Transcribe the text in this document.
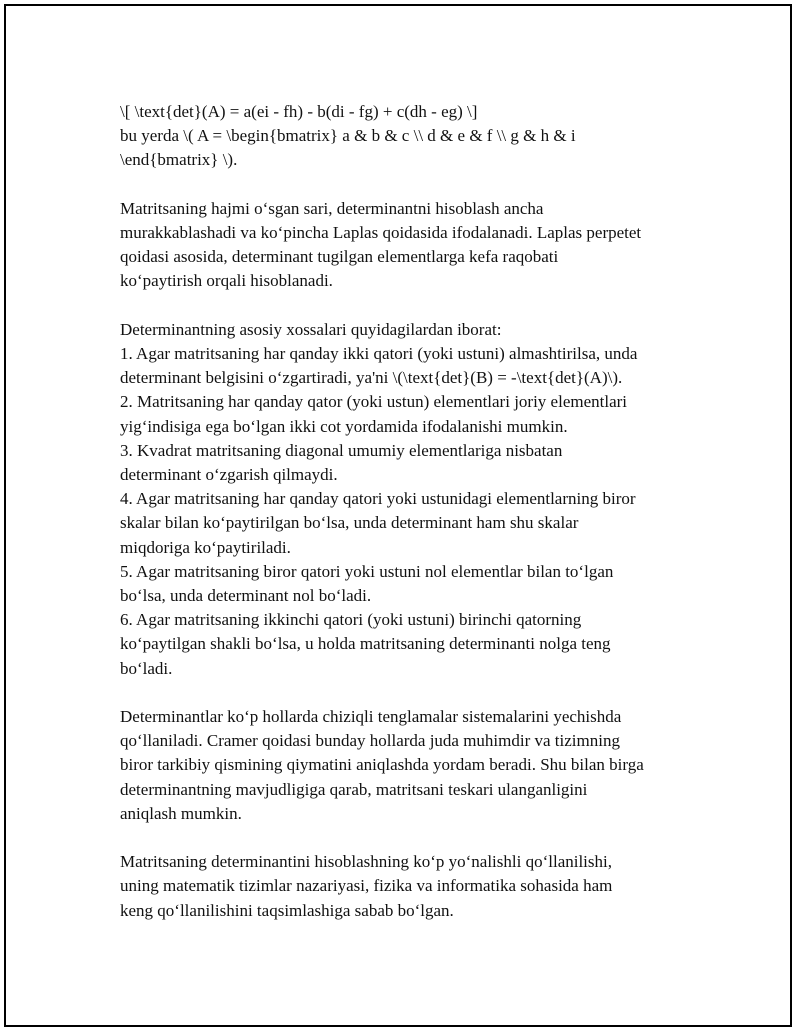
\[ \text{det}(A) = a(ei - fh) - b(di - fg) + c(dh - eg) \]
bu yerda \( A = \begin{bmatrix} a & b & c \\ d & e & f \\ g & h & i
\end{bmatrix} \).
Matritsaning hajmi o‘sgan sari, determinantni hisoblash ancha
murakkablashadi va ko‘pincha Laplas qoidasida ifodalanadi. Laplas perpetet
qoidasi asosida, determinant tugilgan elementlarga kefa raqobati
ko‘paytirish orqali hisoblanadi.
Determinantning asosiy xossalari quyidagilardan iborat:
1. Agar matritsaning har qanday ikki qatori (yoki ustuni) almashtirilsa, unda
determinant belgisini o‘zgartiradi, ya'ni \(\text{det}(B) = -\text{det}(A)\).
2. Matritsaning har qanday qator (yoki ustun) elementlari joriy elementlari
yig‘indisiga ega bo‘lgan ikki cot yordamida ifodalanishi mumkin.
3. Kvadrat matritsaning diagonal umumiy elementlariga nisbatan
determinant o‘zgarish qilmaydi.
4. Agar matritsaning har qanday qatori yoki ustunidagi elementlarning biror
skalar bilan ko‘paytirilgan bo‘lsa, unda determinant ham shu skalar
miqdoriga ko‘paytiriladi.
5. Agar matritsaning biror qatori yoki ustuni nol elementlar bilan to‘lgan
bo‘lsa, unda determinant nol bo‘ladi.
6. Agar matritsaning ikkinchi qatori (yoki ustuni) birinchi qatorning
ko‘paytilgan shakli bo‘lsa, u holda matritsaning determinanti nolga teng
bo‘ladi.
Determinantlar ko‘p hollarda chiziqli tenglamalar sistemalarini yechishda
qo‘llaniladi. Cramer qoidasi bunday hollarda juda muhimdir va tizimning
biror tarkibiy qismining qiymatini aniqlashda yordam beradi. Shu bilan birga
determinantning mavjudligiga qarab, matritsani teskari ulanganligini
aniqlash mumkin.
Matritsaning determinantini hisoblashning ko‘p yo‘nalishli qo‘llanilishi,
uning matematik tizimlar nazariyasi, fizika va informatika sohasida ham
keng qo‘llanilishini taqsimlashiga sabab bo‘lgan.
